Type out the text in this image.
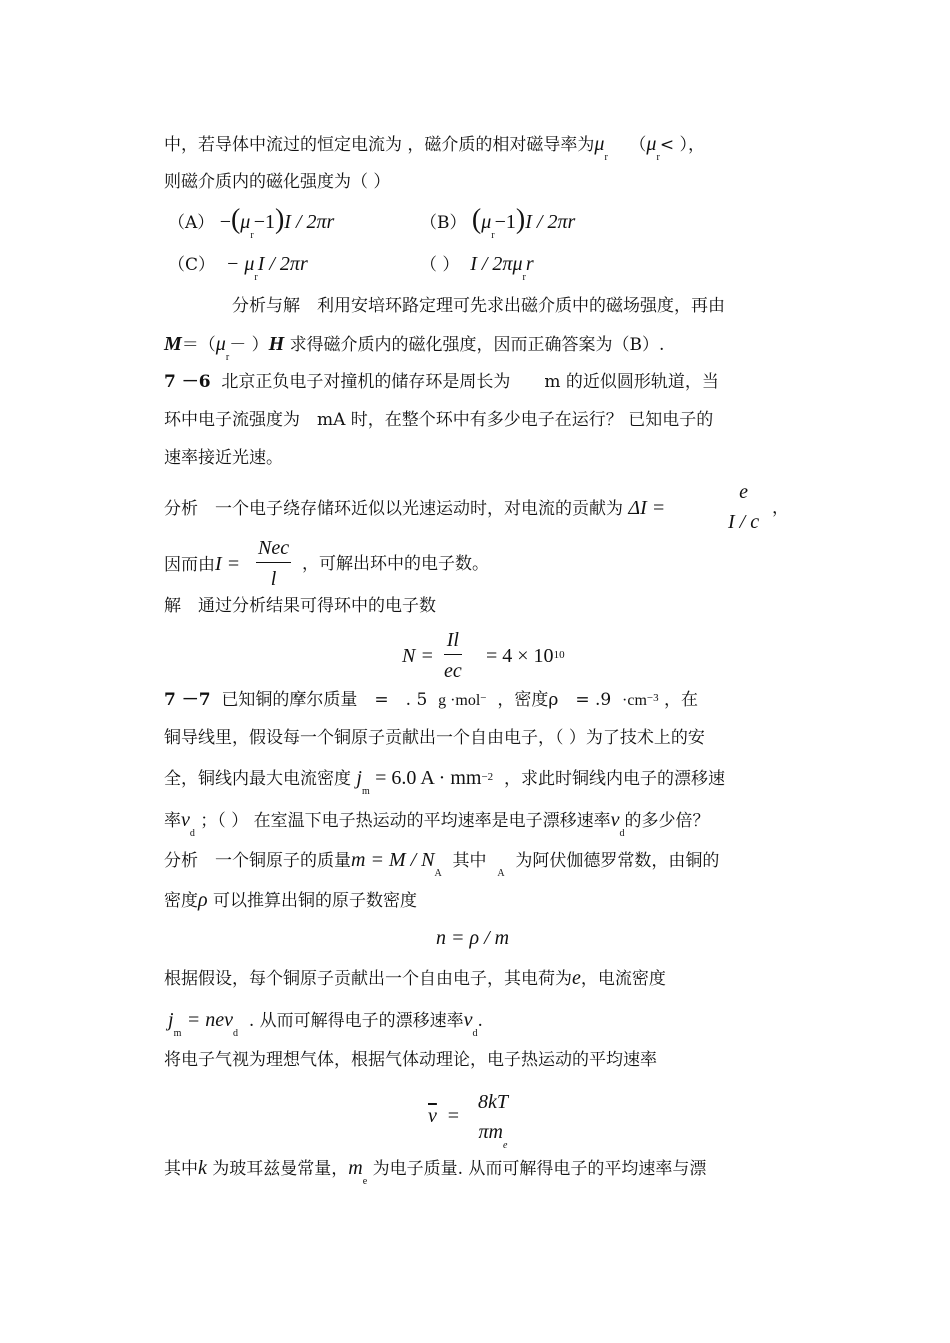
中，若导体中流过的恒定电流为 ，磁介质的相对磁导率为$\mu_r$    （$\mu_r<$ ），
则磁介质内的磁化强度为（ ）
$(A) -(\mu_r-1)I / 2\pi r$	（B） $(\mu_r-1)I / 2\pi r$
$(C) - \mu_rI / 2\pi r$	（ ） I / $2\pi\mu_rr$
分析与解　利用安培环路定理可先求出磁介质中的磁场强度，再由
$M=(\mu_r- )H$ 求得磁介质内的磁化强度，因而正确答案为（B）.
7 －6 北京正负电子对撞机的储存环是周长为　　m 的近似圆形轨道，当
环中电子流强度为　mA 时，在整个环中有多少电子在运行？ 已知电子的
速率接近光速。
分析　一个电子绕存储环近似以光速运动时，对电流的贡献为 ΔI =
e
I / c
，
因而由I =
Nec
l
，可解出环中的电子数。
解　通过分析结果可得环中的电子数
$N = \frac{Il}{ec} = 4 \times 10^{10}$
7 －7 已知铜的摩尔质量　=　. 5 g ·mol− ，密度ρ　= $.9 \cdot cm^{-3}$ ，在
铜导线里，假设每一个铜原子贡献出一个自由电子，（ ）为了技术上的安
全，铜线内最大电流密度 $j_m = 6.0$ $A \cdot mm^{-2}$ ，求此时铜线内电子的漂移速
率$v_d$ ；（ ） 在室温下电子热运动的平均速率是电子漂移速率$v_d$的多少倍？
分析　一个铜原子的质量$m = M / N_A$  其中  $_A$  为阿伏伽德罗常数，由铜的
密度ρ 可以推算出铜的原子数密度
n = ρ / m
根据假设，每个铜原子贡献出一个自由电子，其电荷为e，电流密度
$j_m = nev_d$  . 从而可解得电子的漂移速率$v_d$.
将电子气视为理想气体，根据气体动理论，电子热运动的平均速率
$\overline{v}$ =
8kT
$\pi m_e$
其中k 为玻耳兹曼常量，$m_e$ 为电子质量. 从而可解得电子的平均速率与漂
